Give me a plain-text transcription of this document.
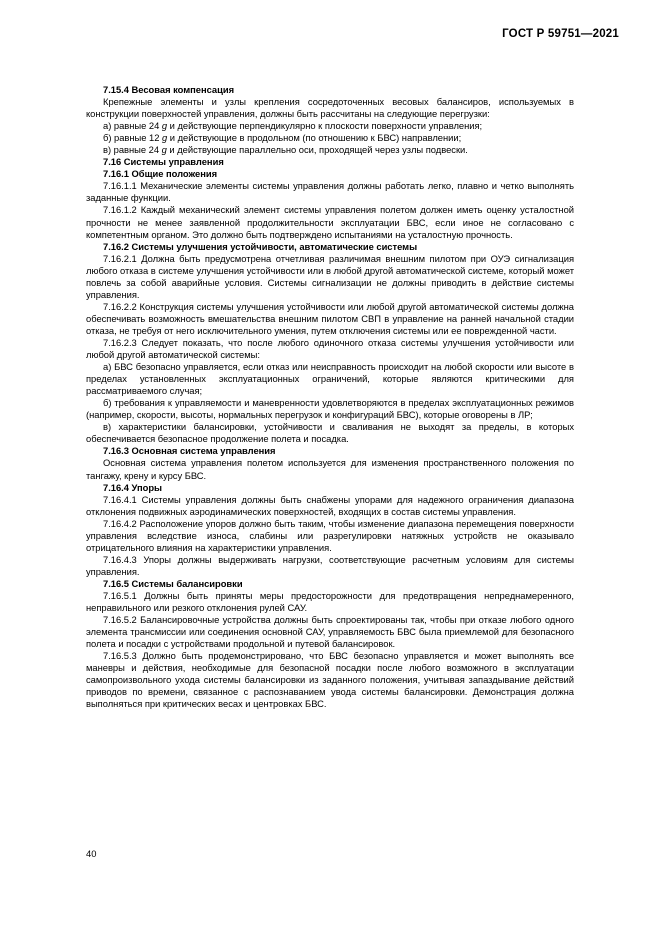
ГОСТ Р 59751—2021

7.15.4 Весовая компенсация

Крепежные элементы и узлы крепления сосредоточенных весовых балансиров, используемых в конструкции поверхностей управления, должны быть рассчитаны на следующие перегрузки:

а) равные 24 g и действующие перпендикулярно к плоскости поверхности управления;

б) равные 12 g и действующие в продольном (по отношению к БВС) направлении;

в) равные 24 g и действующие параллельно оси, проходящей через узлы подвески.

7.16 Системы управления

7.16.1 Общие положения

7.16.1.1 Механические элементы системы управления должны работать легко, плавно и четко выполнять заданные функции.

7.16.1.2 Каждый механический элемент системы управления полетом должен иметь оценку усталостной прочности не менее заявленной продолжительности эксплуатации БВС, если иное не согласовано с компетентным органом. Это должно быть подтверждено испытаниями на усталостную прочность.

7.16.2 Системы улучшения устойчивости, автоматические системы

7.16.2.1 Должна быть предусмотрена отчетливая различимая внешним пилотом при ОУЭ сигнализация любого отказа в системе улучшения устойчивости или в любой другой автоматической системе, который может повлечь за собой аварийные условия. Системы сигнализации не должны приводить в действие системы управления.

7.16.2.2 Конструкция системы улучшения устойчивости или любой другой автоматической системы должна обеспечивать возможность вмешательства внешним пилотом СВП в управление на ранней начальной стадии отказа, не требуя от него исключительного умения, путем отключения системы или ее поврежденной части.

7.16.2.3 Следует показать, что после любого одиночного отказа системы улучшения устойчивости или любой другой автоматической системы:

а) БВС безопасно управляется, если отказ или неисправность происходит на любой скорости или высоте в пределах установленных эксплуатационных ограничений, которые являются критическими для рассматриваемого случая;

б) требования к управляемости и маневренности удовлетворяются в пределах эксплуатационных режимов (например, скорости, высоты, нормальных перегрузок и конфигураций БВС), которые оговорены в ЛР;

в) характеристики балансировки, устойчивости и сваливания не выходят за пределы, в которых обеспечивается безопасное продолжение полета и посадка.

7.16.3 Основная система управления

Основная система управления полетом используется для изменения пространственного положения по тангажу, крену и курсу БВС.

7.16.4 Упоры

7.16.4.1 Системы управления должны быть снабжены упорами для надежного ограничения диапазона отклонения подвижных аэродинамических поверхностей, входящих в состав системы управления.

7.16.4.2 Расположение упоров должно быть таким, чтобы изменение диапазона перемещения поверхности управления вследствие износа, слабины или разрегулировки натяжных устройств не оказывало отрицательного влияния на характеристики управления.

7.16.4.3 Упоры должны выдерживать нагрузки, соответствующие расчетным условиям для системы управления.

7.16.5 Системы балансировки

7.16.5.1 Должны быть приняты меры предосторожности для предотвращения непреднамеренного, неправильного или резкого отклонения рулей САУ.

7.16.5.2 Балансировочные устройства должны быть спроектированы так, чтобы при отказе любого одного элемента трансмиссии или соединения основной САУ, управляемость БВС была приемлемой для безопасного полета и посадки с устройствами продольной и путевой балансировок.

7.16.5.3 Должно быть продемонстрировано, что БВС безопасно управляется и может выполнять все маневры и действия, необходимые для безопасной посадки после любого возможного в эксплуатации самопроизвольного ухода системы балансировки из заданного положения, учитывая запаздывание действий приводов по времени, связанное с распознаванием увода системы балансировки. Демонстрация должна выполняться при критических весах и центровках БВС.

40
